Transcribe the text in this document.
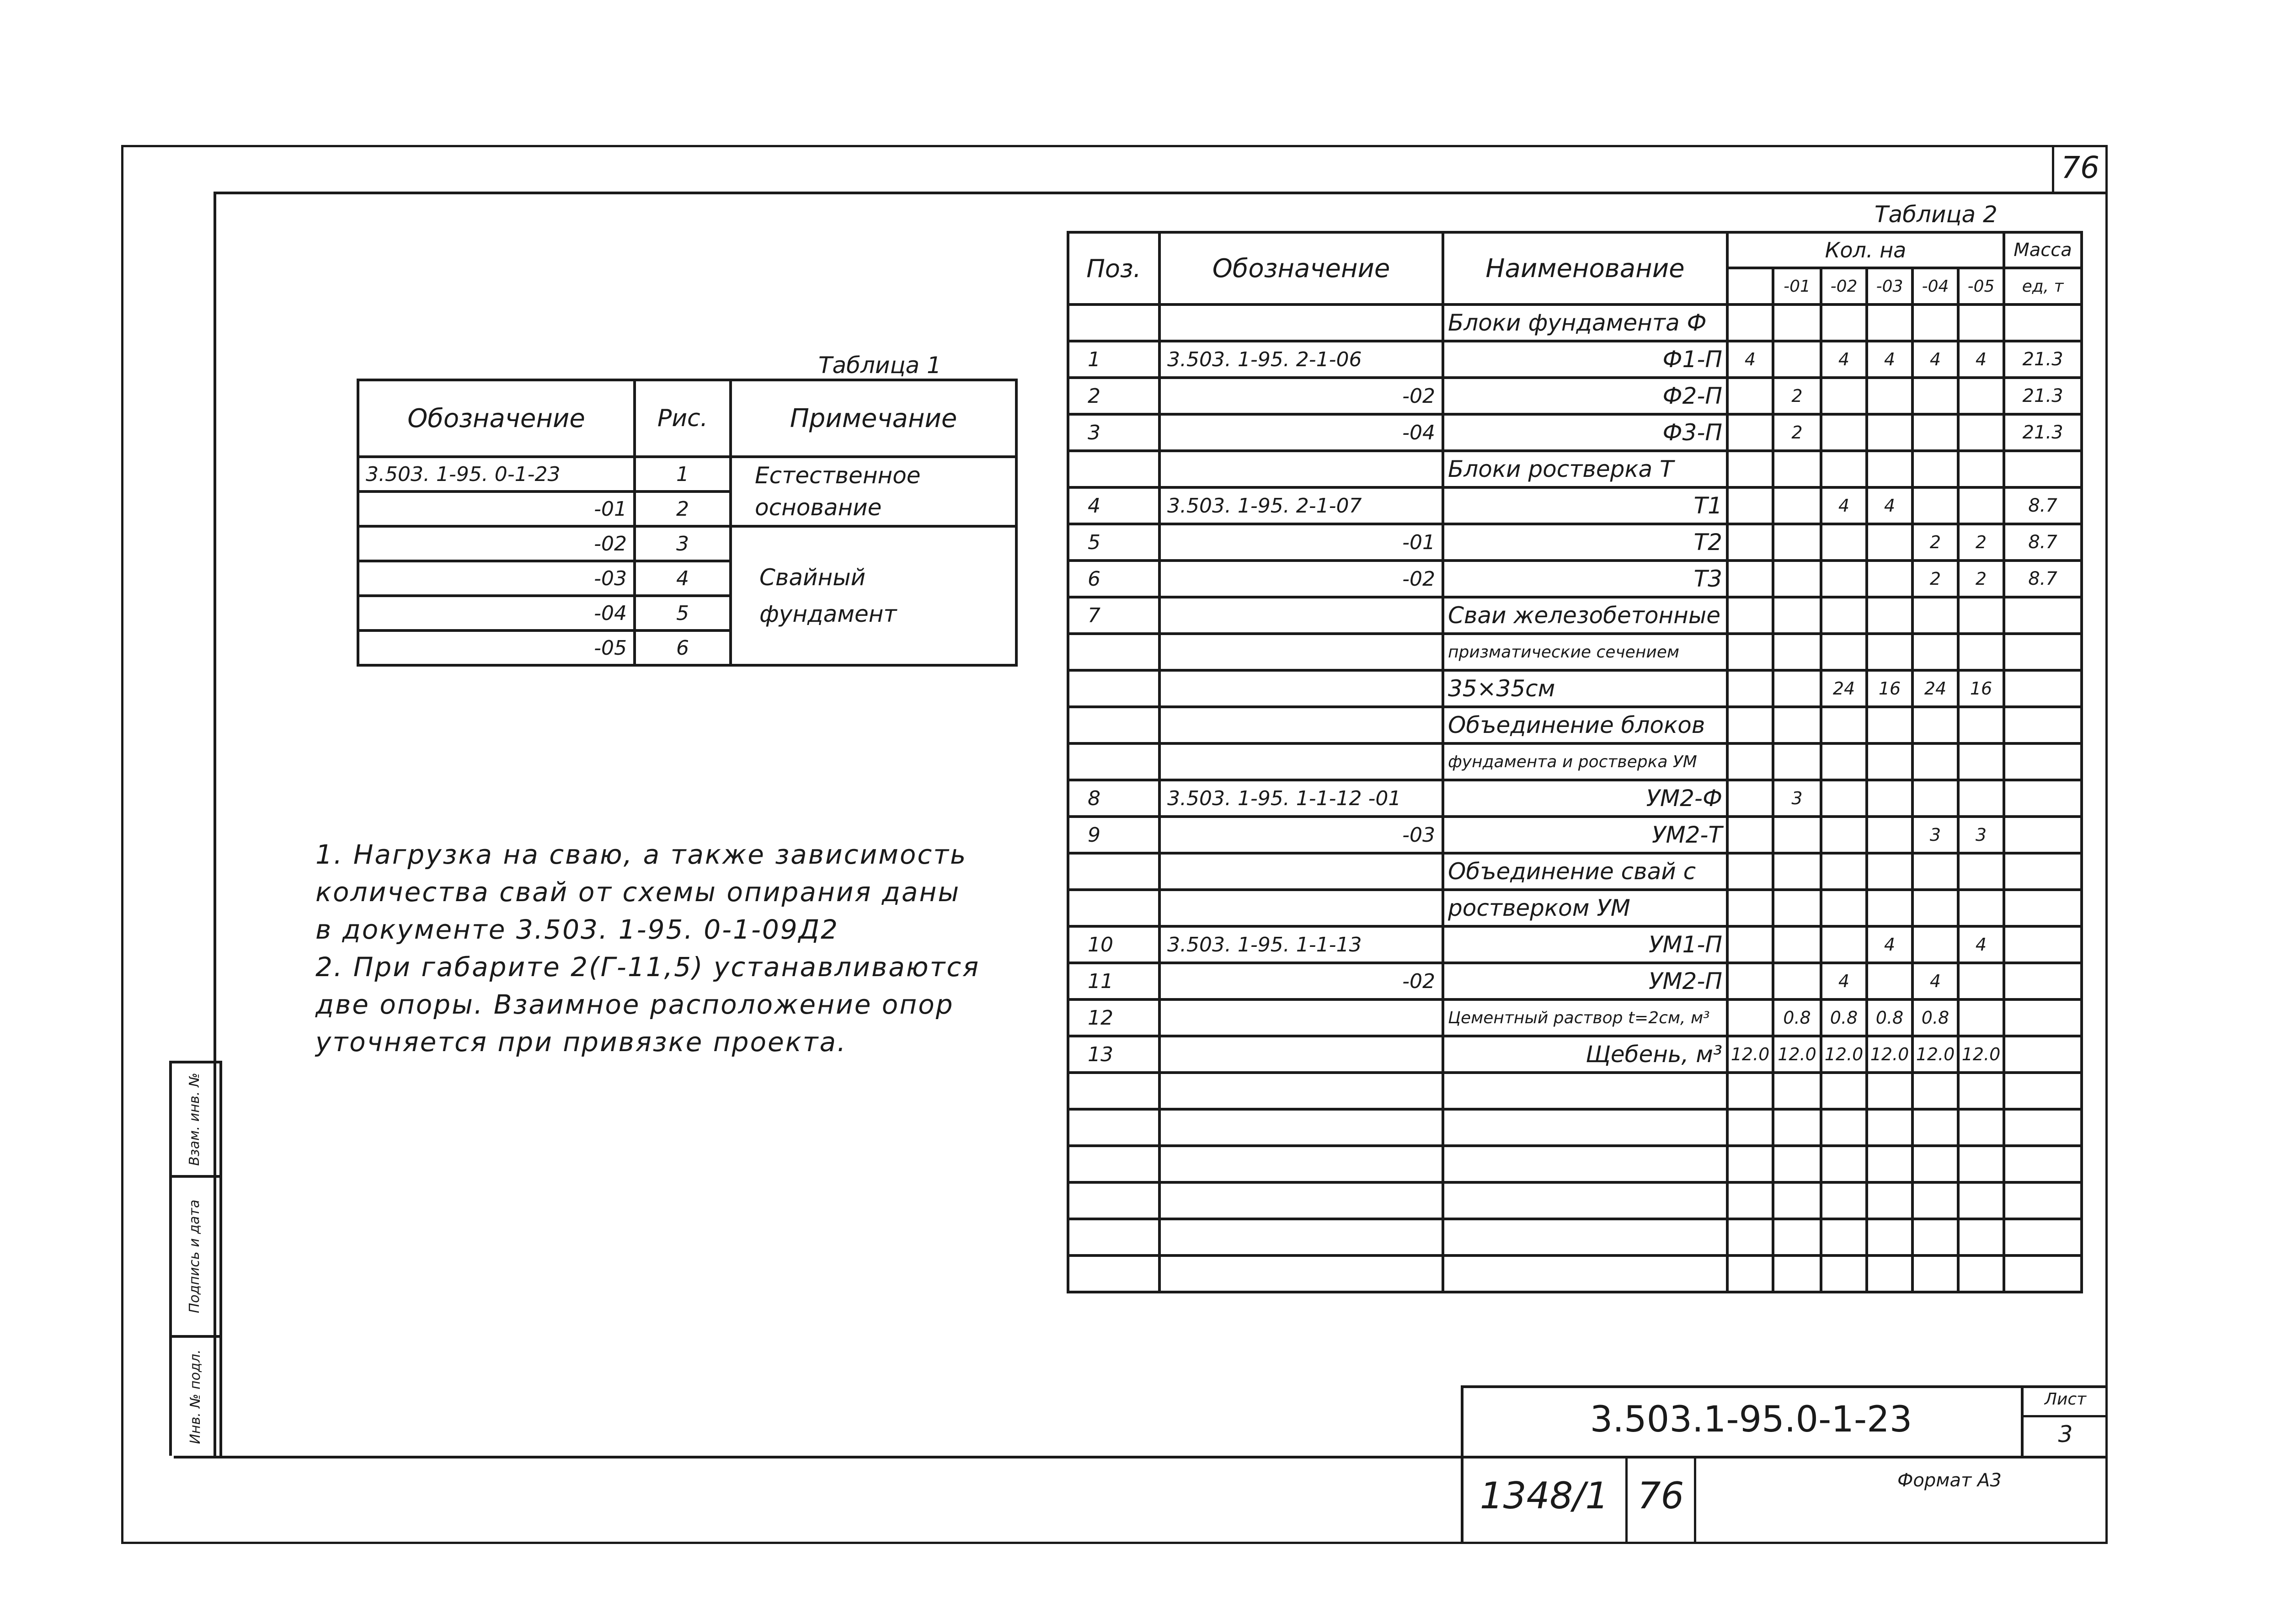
76
Инв. № подл.
Подпись и дата
Взам. инв. №
Таблица 1
Обозначение	Рис.	Примечание
3.503. 1-95. 0-1-23	1	Естественное
основание

-01	2	
-02	3	Свайный
фундамент

-03	4	
-04	5	
-05	6	
1. Нагрузка на сваю, а также зависимость
количества свай от схемы опирания даны
в документе 3.503. 1-95. 0-1-09Д2
2. При габарите 2(Г-11,5) устанавливаются
две опоры. Взаимное расположение опор
уточняется при привязке проекта.
Таблица 2
Поз.	Обозначение	Наименование	Кол. на						Масса
				-01	-02	-03	-04	-05	ед, т
		Блоки фундамента Ф							
1	3.503. 1-95. 2-1-06	Ф1-П	4		4	4	4	4	21.3
2	-02	Ф2-П		2					21.3
3	-04	Ф3-П		2					21.3
		Блоки ростверка Т							
4	3.503. 1-95. 2-1-07	Т1			4	4			8.7
5	-01	Т2					2	2	8.7
6	-02	Т3					2	2	8.7
7		Сваи железобетонные							
		призматические сечением							
		35×35см			24	16	24	16	
		Объединение блоков							
		фундамента и ростверка УМ							
8	3.503. 1-95. 1-1-12 -01	УМ2-Ф		3					
9	-03	УМ2-Т					3	3	
		Объединение свай с							
		ростверком УМ							
10	3.503. 1-95. 1-1-13	УМ1-П				4		4	
11	-02	УМ2-П			4		4		
12		Цементный раствор t=2см, м³		0.8	0.8	0.8	0.8		
13		Щебень, м³	12.0	12.0	12.0	12.0	12.0	12.0	

3.503.1-95.0-1-23	Лист
3
1348/1 76	Формат А3
